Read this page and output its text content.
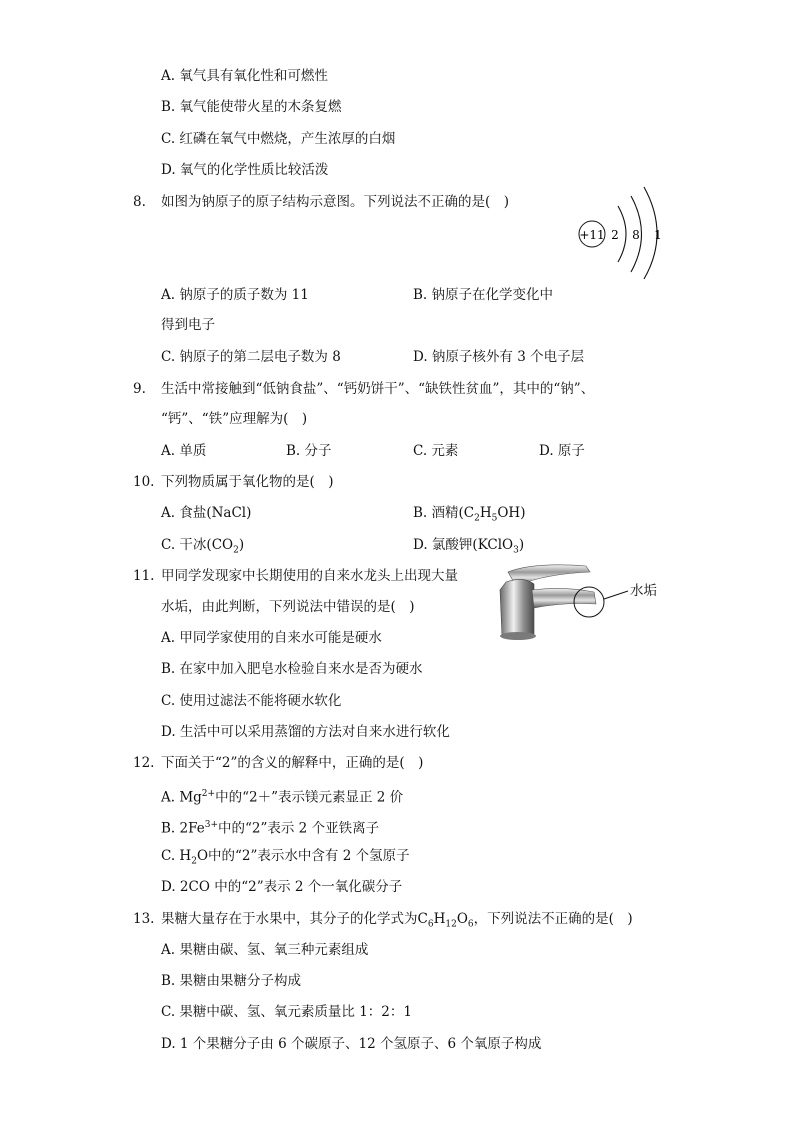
A. 氧气具有氧化性和可燃性
B. 氧气能使带火星的木条复燃
C. 红磷在氧气中燃烧，产生浓厚的白烟
D. 氧气的化学性质比较活泼
8. 如图为钠原子的原子结构示意图。下列说法不正确的是(　)
+11 2 8 1
A. 钠原子的质子数为 11	B. 钠原子在化学变化中
得到电子
C. 钠原子的第二层电子数为 8	D. 钠原子核外有 3 个电子层
9. 生活中常接触到“低钠食盐”、“钙奶饼干”、“缺铁性贫血”，其中的“钠”、
“钙”、“铁”应理解为(　)
A. 单质	B. 分子	C. 元素	D. 原子
10. 下列物质属于氧化物的是(　)
A. 食盐(NaCl)	B. 酒精$(C_2H_5OH)$
C. 干冰$(CO_2)$	D. 氯酸钾(KClO$_3$)
11. 甲同学发现家中长期使用的自来水龙头上出现大量
水垢，由此判断，下列说法中错误的是(　)
水垢
A. 甲同学家使用的自来水可能是硬水
B. 在家中加入肥皂水检验自来水是否为硬水
C. 使用过滤法不能将硬水软化
D. 生活中可以采用蒸馏的方法对自来水进行软化
12. 下面关于“2”的含义的解释中，正确的是(　)
A. $Mg^{2+}$中的“2＋”表示镁元素显正 2 价
B. $2Fe^{3+}$中的“2”表示 2 个亚铁离子
C. $H_2O$中的“2”表示水中含有 2 个氢原子
D. 2CO 中的“2”表示 2 个一氧化碳分子
13. 果糖大量存在于水果中，其分子的化学式为$C_6H_{12}O_6$，下列说法不正确的是(　)
A. 果糖由碳、氢、氧三种元素组成
B. 果糖由果糖分子构成
C. 果糖中碳、氢、氧元素质量比 1：2：1
D. 1 个果糖分子由 6 个碳原子、12 个氢原子、6 个氧原子构成
